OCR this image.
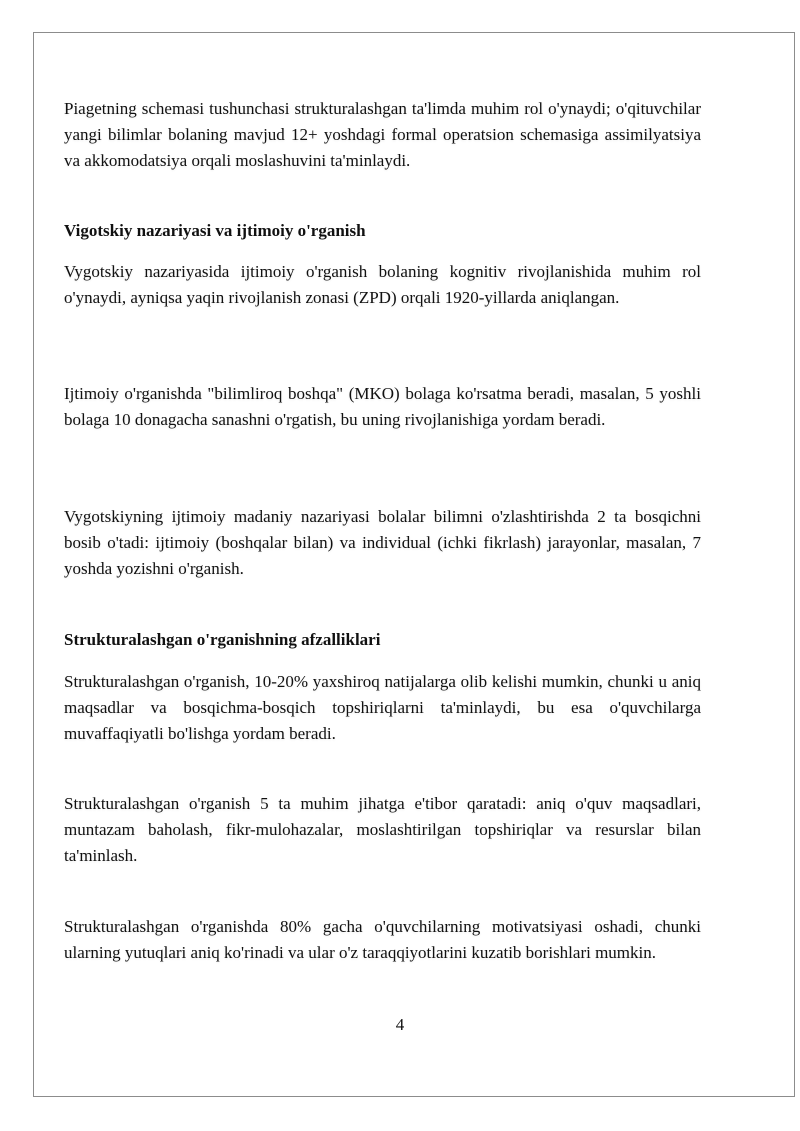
Piagetning schemasi tushunchasi strukturalashgan ta'limda muhim rol o'ynaydi; o'qituvchilar yangi bilimlar bolaning mavjud 12+ yoshdagi formal operatsion schemasiga assimilyatsiya va akkomodatsiya orqali moslashuvini ta'minlaydi.

Vigotskiy nazariyasi va ijtimoiy o'rganish

Vygotskiy nazariyasida ijtimoiy o'rganish bolaning kognitiv rivojlanishida muhim rol o'ynaydi, ayniqsa yaqin rivojlanish zonasi (ZPD) orqali 1920-yillarda aniqlangan.

Ijtimoiy o'rganishda "bilimliroq boshqa" (MKO) bolaga ko'rsatma beradi, masalan, 5 yoshli bolaga 10 donagacha sanashni o'rgatish, bu uning rivojlanishiga yordam beradi.

Vygotskiyning ijtimoiy madaniy nazariyasi bolalar bilimni o'zlashtirishda 2 ta bosqichni bosib o'tadi: ijtimoiy (boshqalar bilan) va individual (ichki fikrlash) jarayonlar, masalan, 7 yoshda yozishni o'rganish.

Strukturalashgan o'rganishning afzalliklari

Strukturalashgan o'rganish, 10-20% yaxshiroq natijalarga olib kelishi mumkin, chunki u aniq maqsadlar va bosqichma-bosqich topshiriqlarni ta'minlaydi, bu esa o'quvchilarga muvaffaqiyatli bo'lishga yordam beradi.

Strukturalashgan o'rganish 5 ta muhim jihatga e'tibor qaratadi: aniq o'quv maqsadlari, muntazam baholash, fikr-mulohazalar, moslashtirilgan topshiriqlar va resurslar bilan ta'minlash.

Strukturalashgan o'rganishda 80% gacha o'quvchilarning motivatsiyasi oshadi, chunki ularning yutuqlari aniq ko'rinadi va ular o'z taraqqiyotlarini kuzatib borishlari mumkin.

4
